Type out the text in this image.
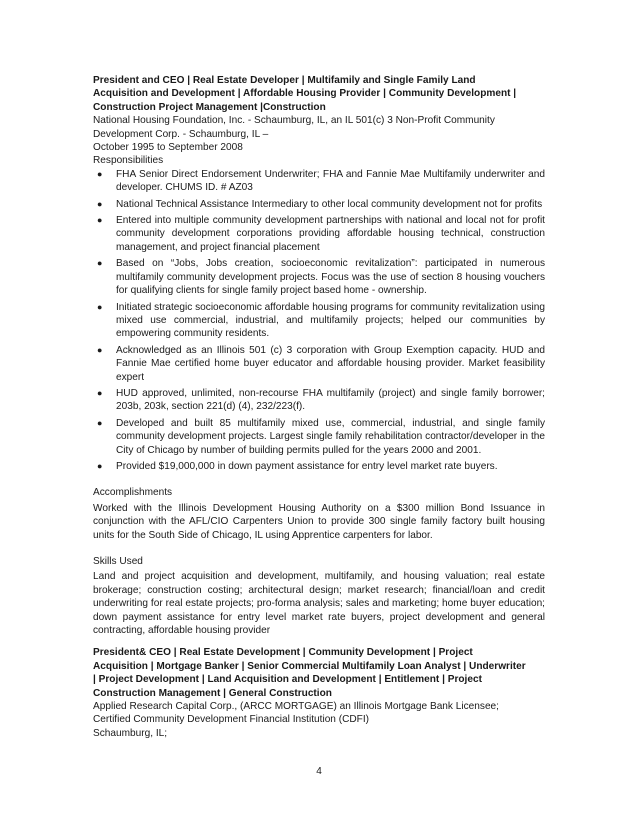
President and CEO | Real Estate Developer | Multifamily and Single Family Land
Acquisition and Development | Affordable Housing Provider | Community Development |
Construction Project Management |Construction
National Housing Foundation, Inc. - Schaumburg, IL, an IL 501(c) 3 Non-Profit Community
Development Corp. - Schaumburg, IL –
October 1995 to September 2008
Responsibilities
● FHA Senior Direct Endorsement Underwriter; FHA and Fannie Mae Multifamily underwriter and developer. CHUMS ID. # AZ03
● National Technical Assistance Intermediary to other local community development not for profits
● Entered into multiple community development partnerships with national and local not for profit community development corporations providing affordable housing technical, construction management, and project financial placement
● Based on “Jobs, Jobs creation, socioeconomic revitalization”: participated in numerous multifamily community development projects. Focus was the use of section 8 housing vouchers for qualifying clients for single family project based home - ownership.
● Initiated strategic socioeconomic affordable housing programs for community revitalization using mixed use commercial, industrial, and multifamily projects; helped our communities by empowering community residents.
● Acknowledged as an Illinois 501 (c) 3 corporation with Group Exemption capacity. HUD and Fannie Mae certified home buyer educator and affordable housing provider. Market feasibility expert
● HUD approved, unlimited, non-recourse FHA multifamily (project) and single family borrower; 203b, 203k, section 221(d) (4), 232/223(f).
● Developed and built 85 multifamily mixed use, commercial, industrial, and single family community development projects. Largest single family rehabilitation contractor/developer in the City of Chicago by number of building permits pulled for the years 2000 and 2001.
● Provided $19,000,000 in down payment assistance for entry level market rate buyers.
Accomplishments
Worked with the Illinois Development Housing Authority on a $300 million Bond Issuance in conjunction with the AFL/CIO Carpenters Union to provide 300 single family factory built housing units for the South Side of Chicago, IL using Apprentice carpenters for labor.
Skills Used
Land and project acquisition and development, multifamily, and housing valuation; real estate brokerage; construction costing; architectural design; market research; financial/loan and credit underwriting for real estate projects; pro-forma analysis; sales and marketing; home buyer education; down payment assistance for entry level market rate buyers, project development and general contracting, affordable housing provider
President& CEO | Real Estate Development | Community Development | Project
Acquisition | Mortgage Banker | Senior Commercial Multifamily Loan Analyst | Underwriter
| Project Development | Land Acquisition and Development | Entitlement | Project
Construction Management | General Construction
Applied Research Capital Corp., (ARCC MORTGAGE) an Illinois Mortgage Bank Licensee;
Certified Community Development Financial Institution (CDFI)
Schaumburg, IL;
4
